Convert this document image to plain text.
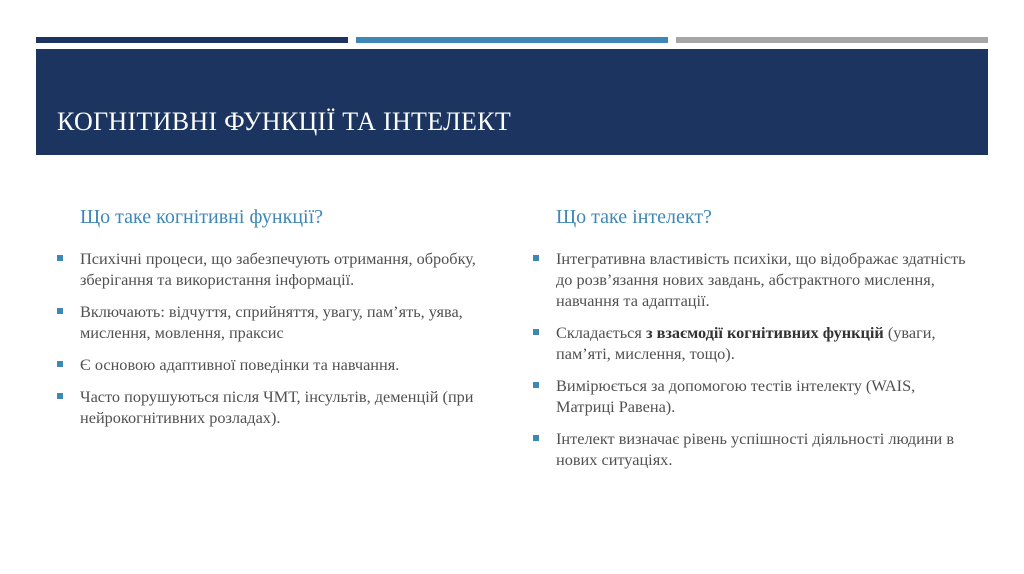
КОГНІТИВНІ ФУНКЦІЇ ТА ІНТЕЛЕКТ
Що таке когнітивні функції?
Психічні процеси, що забезпечують отримання, обробку, зберігання та використання інформації.
Включають: відчуття, сприйняття, увагу, пам’ять, уява, мислення, мовлення, праксис
Є основою адаптивної поведінки та навчання.
Часто порушуються після ЧМТ, інсультів, деменцій (при нейрокогнітивних розладах).
Що таке інтелект?
Інтегративна властивість психіки, що відображає здатність до розв’язання нових завдань, абстрактного мислення, навчання та адаптації.
Складається з взаємодії когнітивних функцій (уваги, пам’яті, мислення, тощо).
Вимірюється за допомогою тестів інтелекту (WAIS, Матриці Равена).
Інтелект визначає рівень успішності діяльності людини в нових ситуаціях.
